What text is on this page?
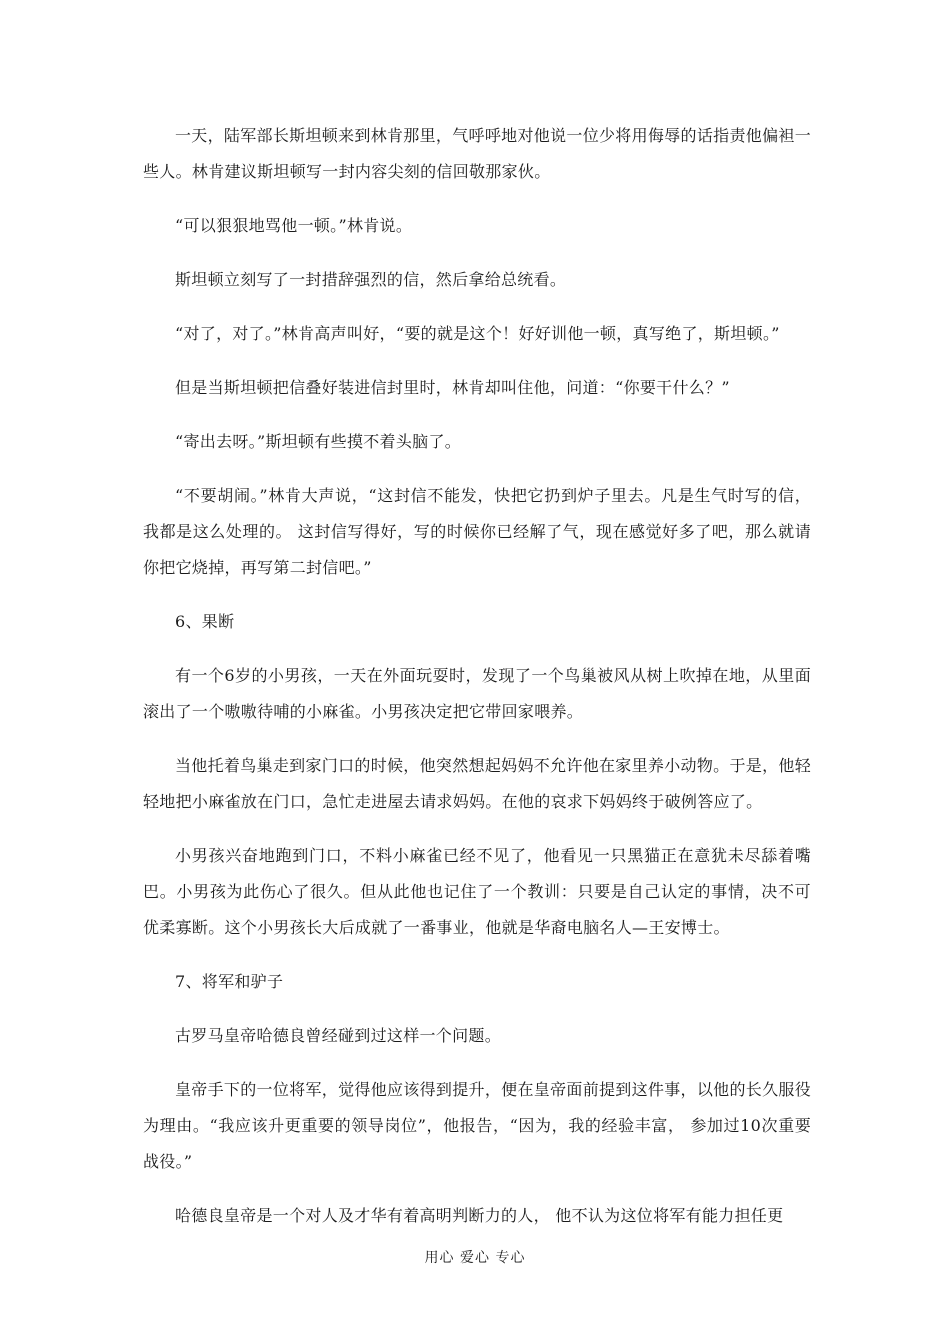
一天，陆军部长斯坦顿来到林肯那里，气呼呼地对他说一位少将用侮辱的话指责他偏袒一些人。林肯建议斯坦顿写一封内容尖刻的信回敬那家伙。

“可以狠狠地骂他一顿。”林肯说。

斯坦顿立刻写了一封措辞强烈的信，然后拿给总统看。

“对了，对了。”林肯高声叫好，“要的就是这个！好好训他一顿，真写绝了，斯坦顿。”

但是当斯坦顿把信叠好装进信封里时，林肯却叫住他，问道：“你要干什么？”

“寄出去呀。”斯坦顿有些摸不着头脑了。

“不要胡闹。”林肯大声说，“这封信不能发，快把它扔到炉子里去。凡是生气时写的信，我都是这么处理的。 这封信写得好，写的时候你已经解了气，现在感觉好多了吧，那么就请你把它烧掉，再写第二封信吧。”

6、果断

有一个6岁的小男孩，一天在外面玩耍时，发现了一个鸟巢被风从树上吹掉在地，从里面滚出了一个嗷嗷待哺的小麻雀。小男孩决定把它带回家喂养。

当他托着鸟巢走到家门口的时候，他突然想起妈妈不允许他在家里养小动物。于是，他轻轻地把小麻雀放在门口，急忙走进屋去请求妈妈。在他的哀求下妈妈终于破例答应了。

小男孩兴奋地跑到门口，不料小麻雀已经不见了，他看见一只黑猫正在意犹未尽舔着嘴巴。小男孩为此伤心了很久。但从此他也记住了一个教训：只要是自己认定的事情，决不可优柔寡断。这个小男孩长大后成就了一番事业，他就是华裔电脑名人—王安博士。

7、将军和驴子

古罗马皇帝哈德良曾经碰到过这样一个问题。

皇帝手下的一位将军，觉得他应该得到提升，便在皇帝面前提到这件事，以他的长久服役为理由。“我应该升更重要的领导岗位”，他报告，“因为，我的经验丰富， 参加过10次重要战役。”

哈德良皇帝是一个对人及才华有着高明判断力的人， 他不认为这位将军有能力担任更

用心 爱心 专心
